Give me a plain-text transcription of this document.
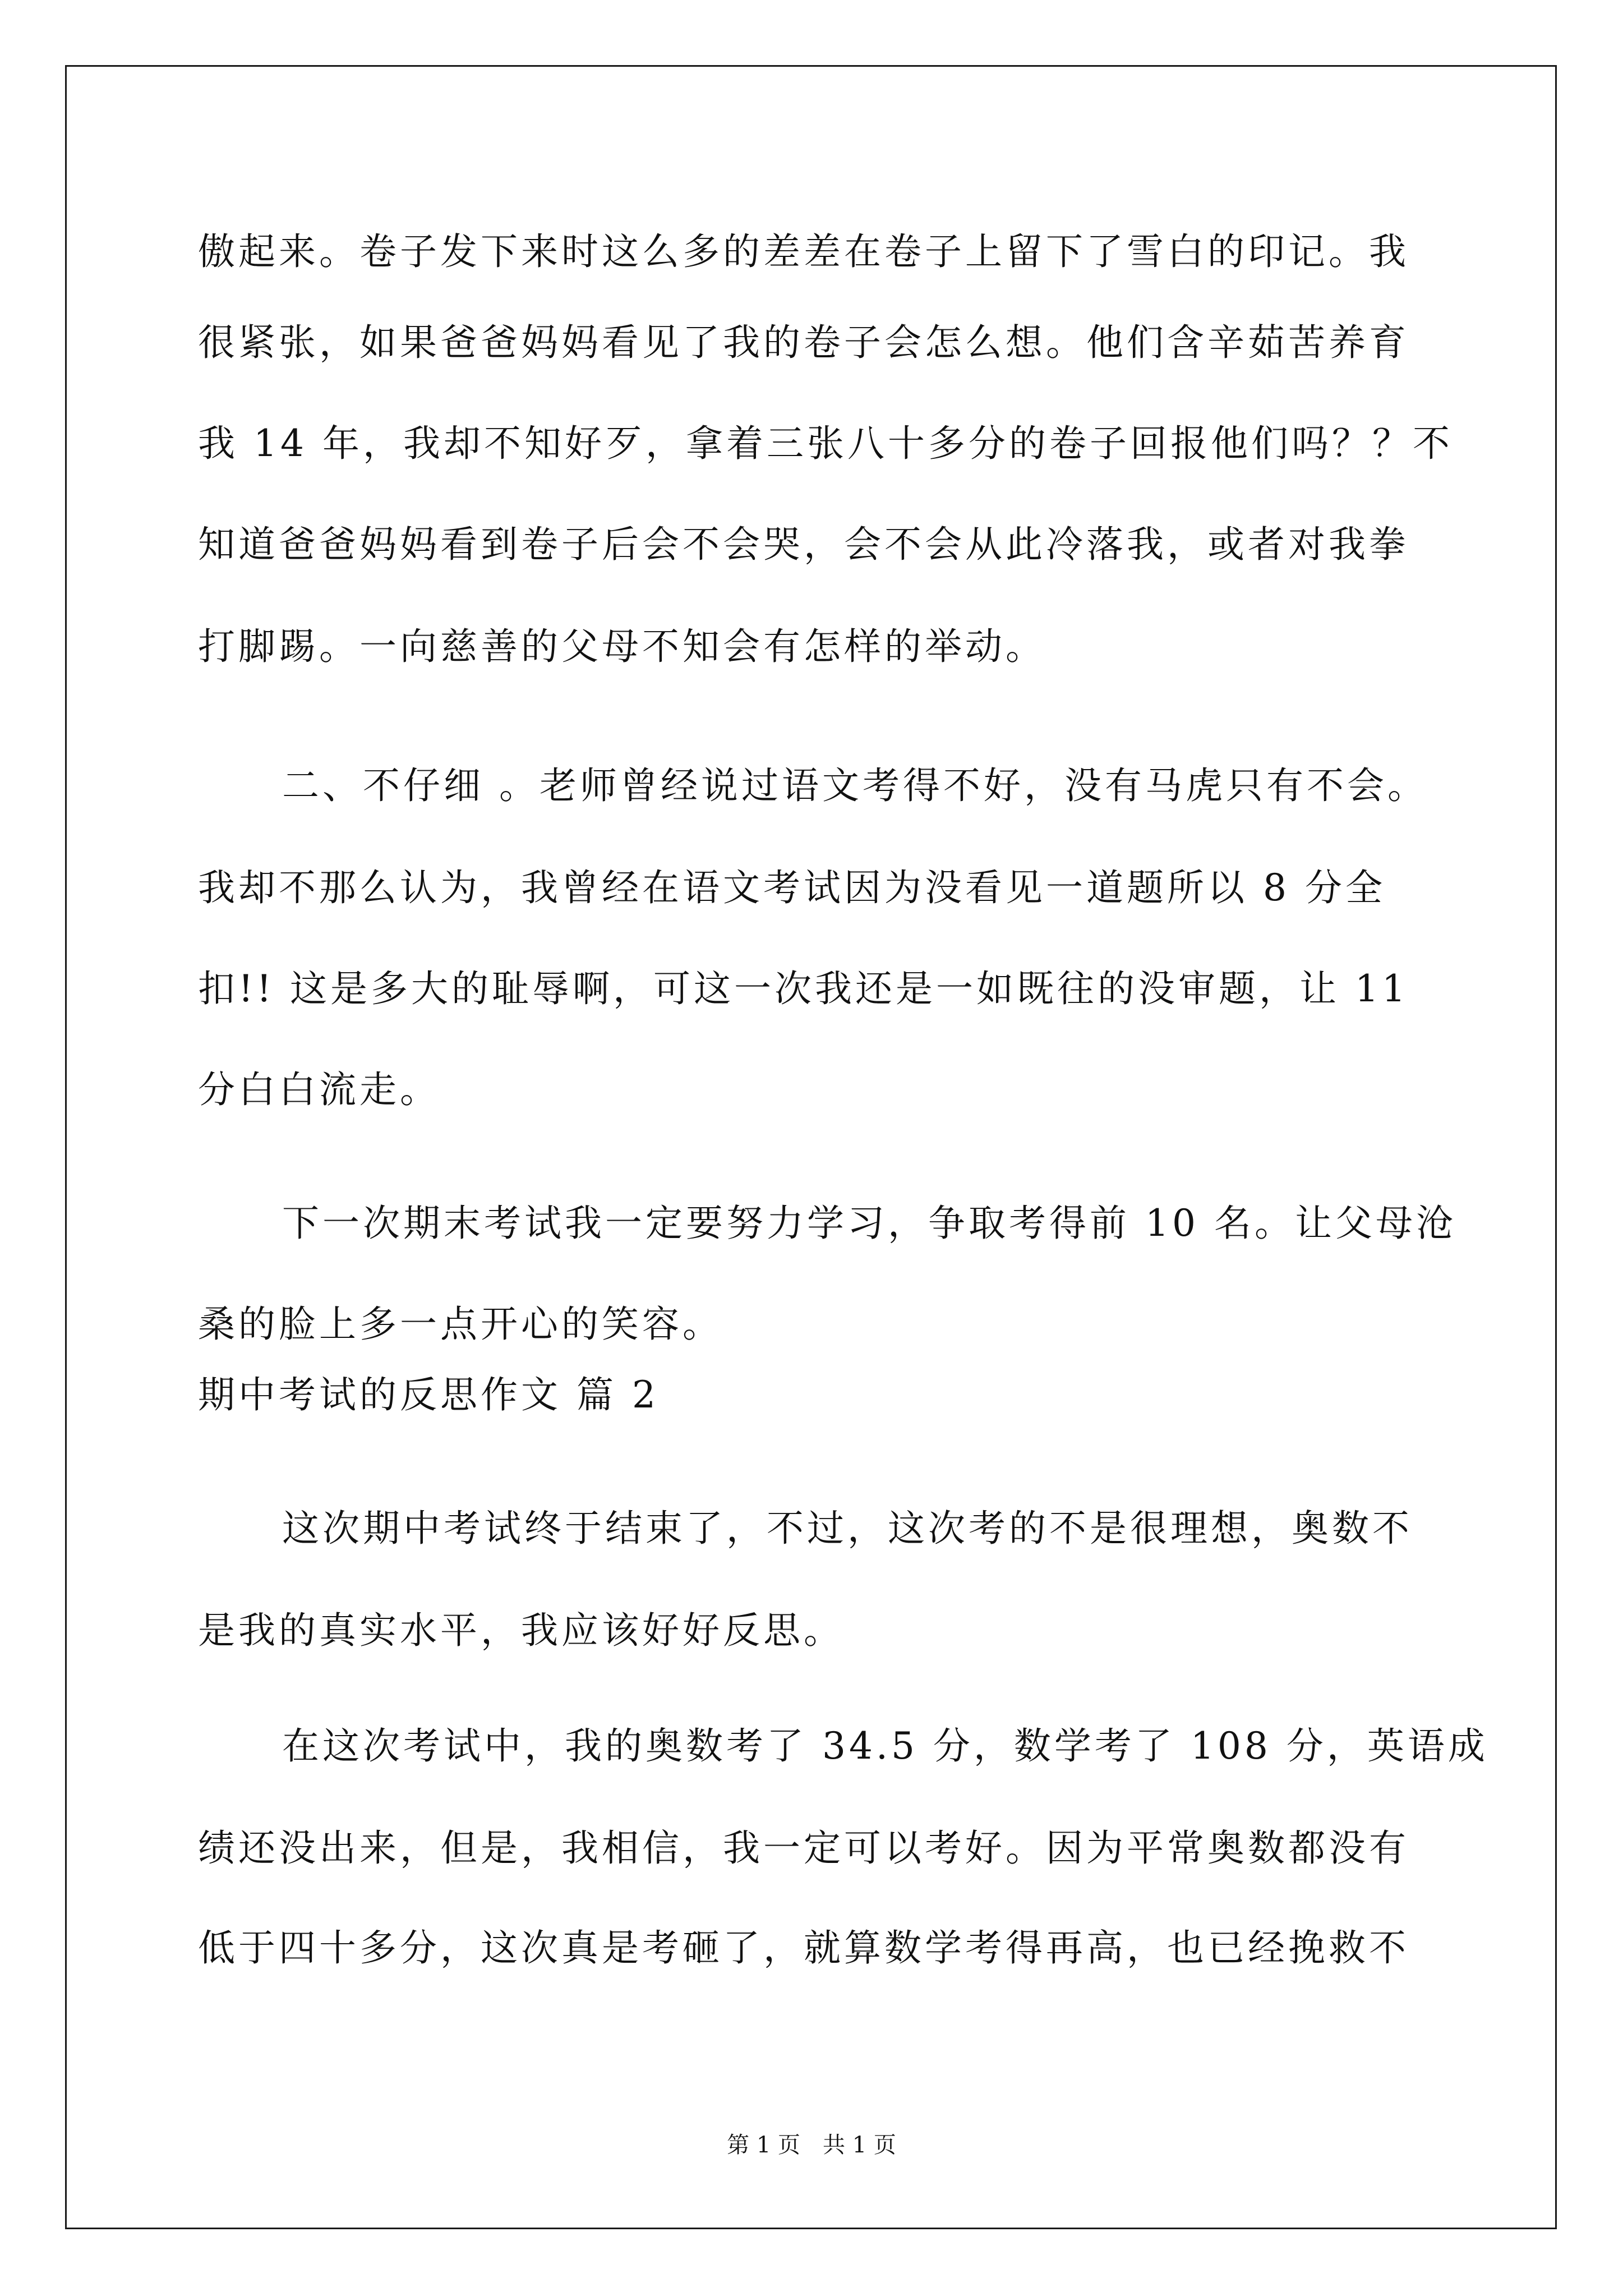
傲起来。卷子发下来时这么多的差差在卷子上留下了雪白的印记。我
很紧张，如果爸爸妈妈看见了我的卷子会怎么想。他们含辛茹苦养育
我 14 年，我却不知好歹，拿着三张八十多分的卷子回报他们吗？？不
知道爸爸妈妈看到卷子后会不会哭，会不会从此冷落我，或者对我拳
打脚踢。一向慈善的父母不知会有怎样的举动。
二、不仔细 。老师曾经说过语文考得不好，没有马虎只有不会。
我却不那么认为，我曾经在语文考试因为没看见一道题所以 8 分全
扣!! 这是多大的耻辱啊，可这一次我还是一如既往的没审题，让 11
分白白流走。
下一次期末考试我一定要努力学习，争取考得前 10 名。让父母沧
桑的脸上多一点开心的笑容。
期中考试的反思作文 篇 2
这次期中考试终于结束了，不过，这次考的不是很理想，奥数不
是我的真实水平，我应该好好反思。
在这次考试中，我的奥数考了 34.5 分，数学考了 108 分，英语成
绩还没出来，但是，我相信，我一定可以考好。因为平常奥数都没有
低于四十多分，这次真是考砸了，就算数学考得再高，也已经挽救不
第 1 页　共 1 页
